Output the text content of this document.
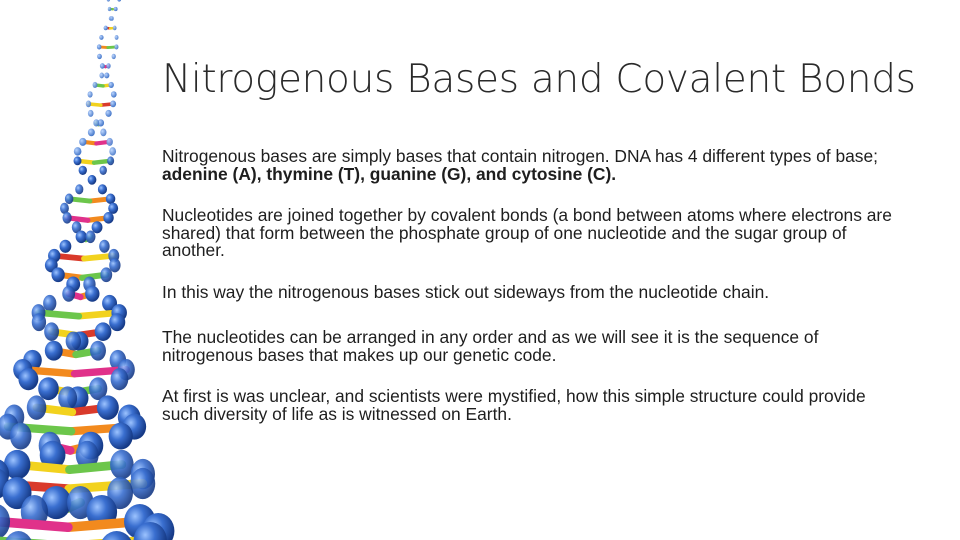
Nitrogenous Bases and Covalent Bonds

Nitrogenous bases are simply bases that contain nitrogen. DNA has 4 different types of base; adenine (A), thymine (T), guanine (G), and cytosine (C).

Nucleotides are joined together by covalent bonds (a bond between atoms where electrons are shared) that form between the phosphate group of one nucleotide and the sugar group of another.

In this way the nitrogenous bases stick out sideways from the nucleotide chain.

The nucleotides can be arranged in any order and as we will see it is the sequence of nitrogenous bases that makes up our genetic code.

At first is was unclear, and scientists were mystified, how this simple structure could provide such diversity of life as is witnessed on Earth.
